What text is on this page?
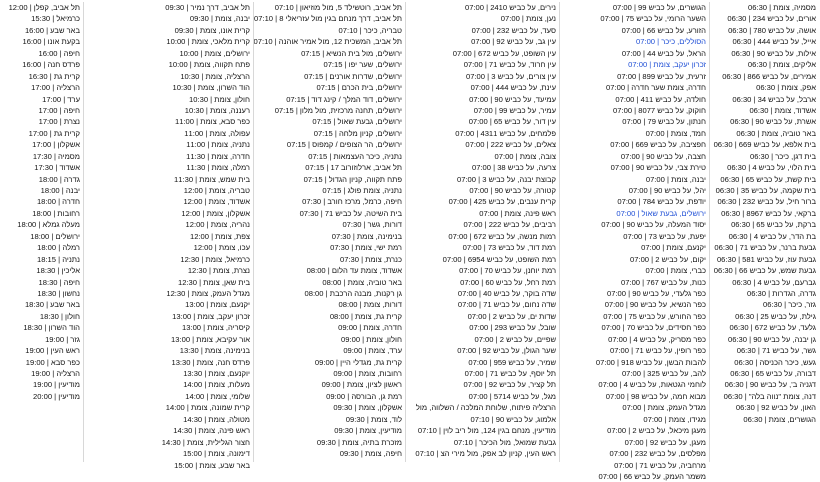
מסמיה, צומת | 06:30
אורים, על כביש 234 | 06:30
אושה, על כביש 780 | 06:30
אייל, על כביש 444 | 06:30
אילות, על כביש 90 | 06:30
אליקים, צומת | 06:30
אמירים, על כביש 866 | 06:30
אפק, צומת | 06:30
ארבל, על כביש 34 | 06:30
אשדוד, צומת | 06:30
אשרת, על כביש 90 | 06:30
באר טוביה, צומת | 06:30
בית אלפא, על כביש 669 | 06:30
בית דגן, כיכר | 06:30
בית הלוי, על כביש 4 | 06:30
בית קשת, על כביש 65 | 06:30
בית שקמה, על כביש 35 | 06:30
ברור חיל, על כביש 232 | 06:30
ברקאי, על כביש 8967 | 06:30
ברקת, על כביש 65 | 06:30
בת הדר, על כביש 4 | 06:30
גבעת ברנר, על כביש 71 | 06:30
גבעת עוז, על כביש 581 | 06:30
גבעת שמש, על כביש 66 | 06:30
גברעם, על כביש 4 | 06:30
גדרה, הגדרות | 06:30
גזר, כיכר | 06:30
גילת, על כביש 25 | 06:30
גלעד, על כביש 672 | 06:30
גן יבנה, על כביש 90 | 06:30
גשר, על כביש 71 | 06:30
געש, כיכר הכניסה | 06:30
דבורה, על כביש 65 | 06:30
דגניה ב', על כביש 90 | 06:30
דנה, צומת "נווה בלה" | 06:30
האון, על כביש 92 | 06:30
הגושרים, צומת | 06:30
הגושרים, על כביש 99 | 07:00
השער הרומי, על כביש 75 | 07:00
הזורע, על כביש 66 | 07:00
הסוללים, כיכר | 07:00
הראל, על כביש 44 | 07:00
זכרון יעקב, צומת | 07:00
זרעית, על כביש 899 | 07:00
חדרה, צומת שער חדרה | 07:00
חולדה, על כביש 411 | 07:00
חוקוק, על כביש 8077 | 07:00
חנתון, על כביש 79 | 07:00
חמד, צומת | 07:00
חפציבה, על כביש 669 | 07:00
חצבה, על כביש 90 | 07:00
טירת צבי, על כביש 90 | 07:00
יבנה, צומת | 07:00
יהל, על כביש 90 | 07:00
יודפת, על כביש 784 | 07:00
ירושלים, גבעת שאול | 07:00
יסוד המעלה, על כביש 90 | 07:00
יפעת, על כביש 73 | 07:00
יקנעם, צומת | 07:00
יקום, על כביש 2 | 07:00
כברי, צומת | 07:00
כנות, על כביש 767 | 07:00
כפר גלעדי, על כביש 90 | 07:00
כפר הנשיא, על כביש 90 | 07:00
כפר החורש, על כביש 75 | 07:00
כפר חסידים, על כביש 70 | 07:00
כפר מסריק, על כביש 4 | 07:00
כפר רופין, על כביש 71 | 07:00
להבות הבשן, על כביש 918 | 07:00
להב, על כביש 325 | 07:00
לוחמי הגטאות, על כביש 4 | 07:00
מבוא חמה, על כביש 98 | 07:00
מגדל העמק, צומת | 07:00
מגידו, צומת | 07:00
מעגן מיכאל, על כביש 2 | 07:00
מעגן, על כביש 92 | 07:00
מפלסים, על כביש 232 | 07:00
מרחביה, על כביש 71 | 07:00
משמר העמק, על כביש 66 | 07:00
נירים, על כביש 2410 | 07:00
נען, צומת | 07:00
סעד, על כביש 232 | 07:00
עין גב, על כביש 92 | 07:00
עין השופט, על כביש 672 | 07:00
עין חרוד, על כביש 71 | 07:00
עין צורים, על כביש 3 | 07:00
עינת, על כביש 444 | 07:00
עמיעד, על כביש 90 | 07:00
עמיר, על כביש 99 | 07:00
עין דור, על כביש 65 | 07:00
פלמחים, על כביש 4311 | 07:00
צאלים, על כביש 222 | 07:00
צובה, צומת | 07:00
צרעה, על כביש 38 | 07:00
קבוצת יבנה, על כביש 3 | 07:00
קטורה, על כביש 90 | 07:00
קרית ענבים, על כביש 425 | 07:00
ראש פינה, צומת | 07:00
רביבים, על כביש 222 | 07:00
רמות מנשה, על כביש 672 | 07:00
רמת דוד, על כביש 73 | 07:00
רמת השופט, על כביש 6954 | 07:00
רמת יוחנן, על כביש 70 | 07:00
רמת רחל, על כביש 60 | 07:00
שדה בוקר, על כביש 40 | 07:00
שדה נחום, על כביש 71 | 07:00
שדות ים, על כביש 2 | 07:00
שובל, על כביש 293 | 07:00
שפיים, על כביש 2 | 07:00
שער הגולן, על כביש 92 | 07:00
שמיר, על כביש 959 | 07:00
תל יוסף, על כביש 71 | 07:00
תל קציר, על כביש 92 | 07:00
מגל, על כביש 5714 | 07:00
הרצליה פיתוח, שלוחת המלכה / השלווה, מול
אלמוג, על כביש 90 | 07:10
מודיעין, מנחם בגין 124, מול ריב לוין | 07:10
גבעת שמואל, מול הכיכר | 07:10
ראש העין, קניון לב אפק, מול מירי הצ | 07:10
תל אביב, רוטשילד 5, מול מוזיאון | 07:10
תל אביב, דרך מנחם בגין מול עזריאלי 8 | 07:10
טבריה, כיכר | 07:10
תל אביב, המשכית 12, מול אמיר אוהנה | 07:10
ירושלים, מול בית הנשיא | 07:15
ירושלים, שער יפו | 07:15
ירושלים, שדרות אורנים | 07:15
ירושלים, בית הכרם | 07:15
ירושלים, דוד המלך / קינג דוד | 07:15
ירושלים, תחנה מרכזית, מול מלון | 07:15
ירושלים, גבעת שאול | 07:15
ירושלים, קניון מלחה | 07:15
ירושלים, הר הצופים / קמפוס | 07:15
נתניה, כיכר העצמאות | 07:15
תל אביב, ארלוזורוב 17 | 07:15
פתח תקווה, קניון הגדול | 07:15
נתניה, צומת פולג | 07:15
חיפה, כרמל, מרכז חורב | 07:30
בית השיטה, על כביש 71 | 07:30
דורות, גשר | 07:30
בנימינה, צומת | 07:30
רמת ישי, צומת | 07:30
כנרת, צומת | 07:30
אשדוד, צומת עד הלום | 08:00
באר טוביה, צומת | 08:00
גן רקנות, מבנה הרכבת | 08:00
דורות, צומת | 08:00
קרית גת, צומת | 08:00
חדרה, צומת | 09:00
חולון, צומת | 09:00
ערד, צומת | 09:00
קרית גת, מגדלי היין | 09:00
רחובות, צומת | 09:00
ראשון לציון, צומת | 09:00
רמת גן, הבורסה | 09:00
אשקלון, צומת | 09:30
לוד, צומת | 09:30
מודיעין, צומת | 09:30
מזכרת בתיה, צומת | 09:30
חיפה, צומת | 09:30
תל אביב, דרך נמיר | 09:30
יבנה, צומת | 09:30
קרית אונו, צומת | 09:30
קרית מלאכי, צומת | 10:00
ירושלים, צומת | 10:00
פתח תקווה, צומת | 10:00
הרצליה, צומת | 10:30
הוד השרון, צומת | 10:30
חולון, צומת | 10:30
רעננה, צומת | 10:30
כפר סבא, צומת | 11:00
עפולה, צומת | 11:00
נתניה, צומת | 11:00
חדרה, צומת | 11:30
רמלה, צומת | 11:30
בית שמש, צומת | 11:30
טבריה, צומת | 12:00
אשדוד, צומת | 12:00
אשקלון, צומת | 12:00
נהריה, צומת | 12:00
צפת, צומת | 12:00
עכו, צומת | 12:00
כרמיאל, צומת | 12:30
נצרת, צומת | 12:30
בית שאן, צומת | 12:30
מגדל העמק, צומת | 12:30
יקנעם, צומת | 13:00
זכרון יעקב, צומת | 13:00
קיסריה, צומת | 13:00
אור עקיבא, צומת | 13:00
בנימינה, צומת | 13:30
פרדס חנה, צומת | 13:30
יוקנעם, צומת | 13:30
מעלות, צומת | 14:00
שלומי, צומת | 14:00
קרית שמונה, צומת | 14:00
מטולה, צומת | 14:30
ראש פינה, צומת | 14:30
חצור הגלילית, צומת | 14:30
דימונה, צומת | 15:00
באר שבע, צומת | 15:00
תל אביב, קפלן | 12:00
כרמיאל | 15:30
באר שבע | 16:00
בקעת אונו | 16:00
חיפה | 16:00
פרדס חנה | 16:00
קרית גת | 16:30
הרצליה | 17:00
ערד | 17:00
חיפה | 17:00
נצרת | 17:00
קרית גת | 17:00
אשקלון | 17:00
מסמיה | 17:30
אשדוד | 17:30
גדרה | 18:00
יבנה | 18:00
חדרה | 18:00
רחובות | 18:00
מעלה גמלא | 18:00
ירושלים | 18:00
רמלה | 18:00
נתניה | 18:15
אליכין | 18:30
חיפה | 18:30
נחשון | 18:30
באר שבע | 18:30
חולון | 18:30
הוד השרון | 18:30
גזר | 19:00
ראש העין | 19:00
כפר סבא | 19:00
הרצליה | 19:00
מודיעין | 19:00
מודיעין | 20:00
